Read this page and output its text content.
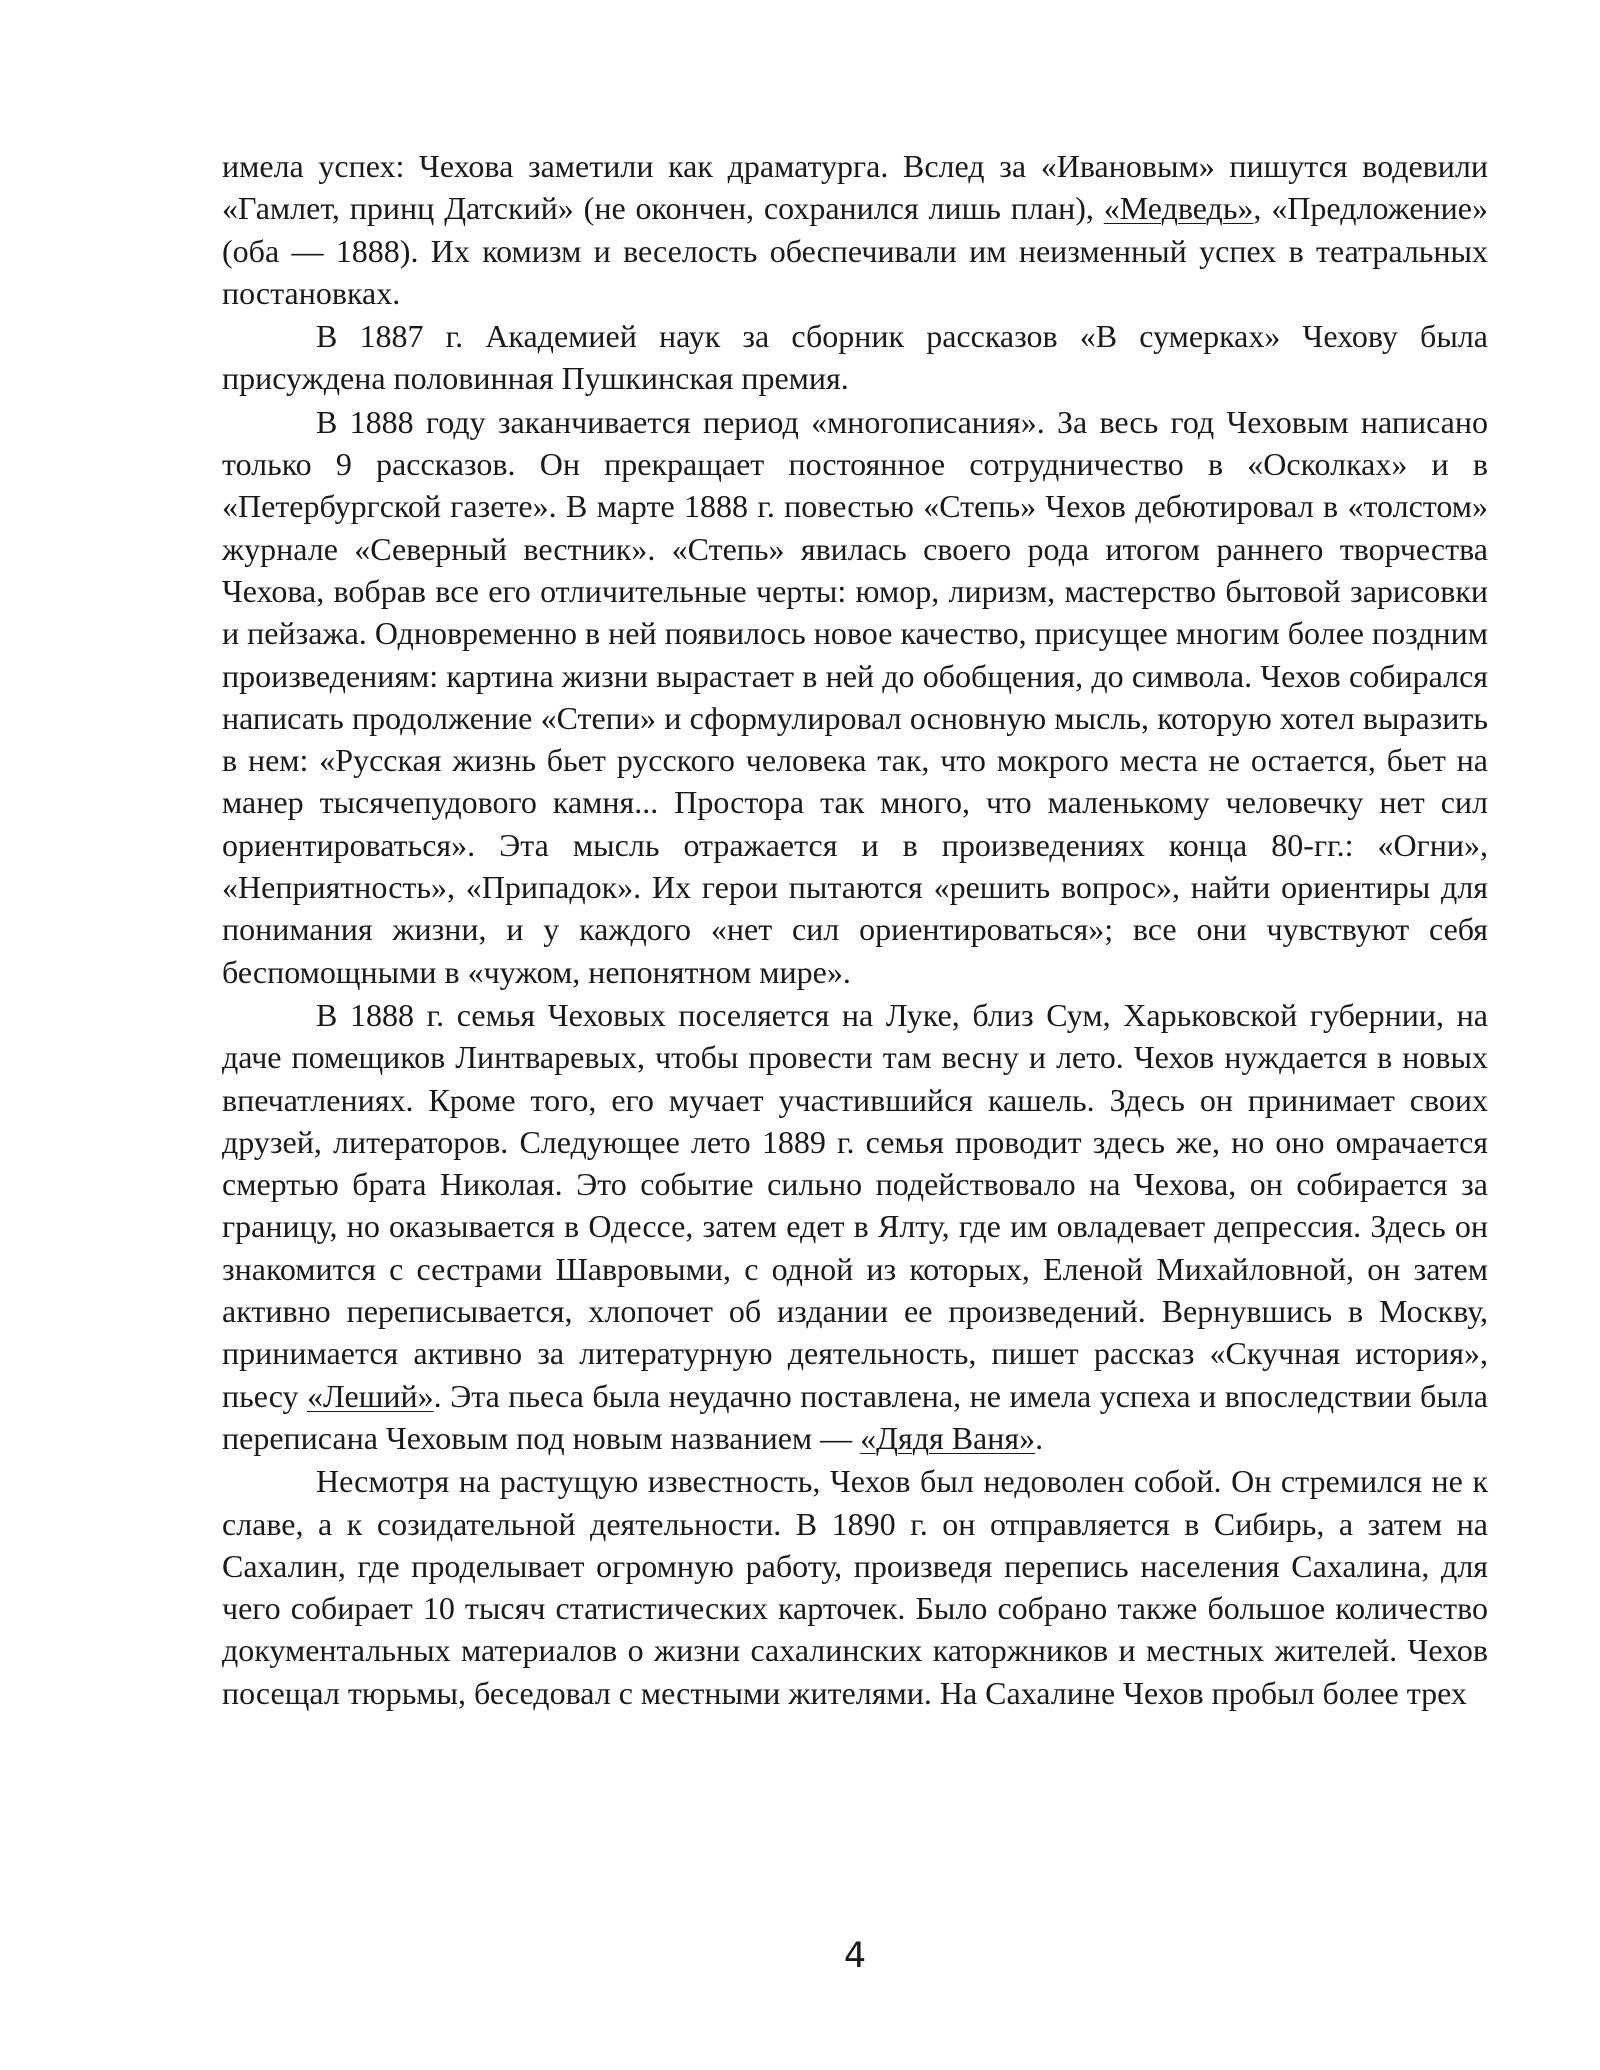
имела успех: Чехова заметили как драматурга. Вслед за «Ивановым» пишутся водевили «Гамлет, принц Датский» (не окончен, сохранился лишь план), «Медведь», «Предложение» (оба — 1888). Их комизм и веселость обеспечивали им неизменный успех в театральных постановках.

В 1887 г. Академией наук за сборник рассказов «В сумерках» Чехову была присуждена половинная Пушкинская премия.

В 1888 году заканчивается период «многописания». За весь год Чеховым написано только 9 рассказов. Он прекращает постоянное сотрудничество в «Осколках» и в «Петербургской газете». В марте 1888 г. повестью «Степь» Чехов дебютировал в «толстом» журнале «Северный вестник». «Степь» явилась своего рода итогом раннего творчества Чехова, вобрав все его отличительные черты: юмор, лиризм, мастерство бытовой зарисовки и пейзажа. Одновременно в ней появилось новое качество, присущее многим более поздним произведениям: картина жизни вырастает в ней до обобщения, до символа. Чехов собирался написать продолжение «Степи» и сформулировал основную мысль, которую хотел выразить в нем: «Русская жизнь бьет русского человека так, что мокрого места не остается, бьет на манер тысячепудового камня... Простора так много, что маленькому человечку нет сил ориентироваться». Эта мысль отражается и в произведениях конца 80-гг.: «Огни», «Неприятность», «Припадок». Их герои пытаются «решить вопрос», найти ориентиры для понимания жизни, и у каждого «нет сил ориентироваться»; все они чувствуют себя беспомощными в «чужом, непонятном мире».

В 1888 г. семья Чеховых поселяется на Луке, близ Сум, Харьковской губернии, на даче помещиков Линтваревых, чтобы провести там весну и лето. Чехов нуждается в новых впечатлениях. Кроме того, его мучает участившийся кашель. Здесь он принимает своих друзей, литераторов. Следующее лето 1889 г. семья проводит здесь же, но оно омрачается смертью брата Николая. Это событие сильно подействовало на Чехова, он собирается за границу, но оказывается в Одессе, затем едет в Ялту, где им овладевает депрессия. Здесь он знакомится с сестрами Шавровыми, с одной из которых, Еленой Михайловной, он затем активно переписывается, хлопочет об издании ее произведений. Вернувшись в Москву, принимается активно за литературную деятельность, пишет рассказ «Скучная история», пьесу «Леший». Эта пьеса была неудачно поставлена, не имела успеха и впоследствии была переписана Чеховым под новым названием — «Дядя Ваня».

Несмотря на растущую известность, Чехов был недоволен собой. Он стремился не к славе, а к созидательной деятельности. В 1890 г. он отправляется в Сибирь, а затем на Сахалин, где проделывает огромную работу, произведя перепись населения Сахалина, для чего собирает 10 тысяч статистических карточек. Было собрано также большое количество документальных материалов о жизни сахалинских каторжников и местных жителей. Чехов посещал тюрьмы, беседовал с местными жителями. На Сахалине Чехов пробыл более трех

4
